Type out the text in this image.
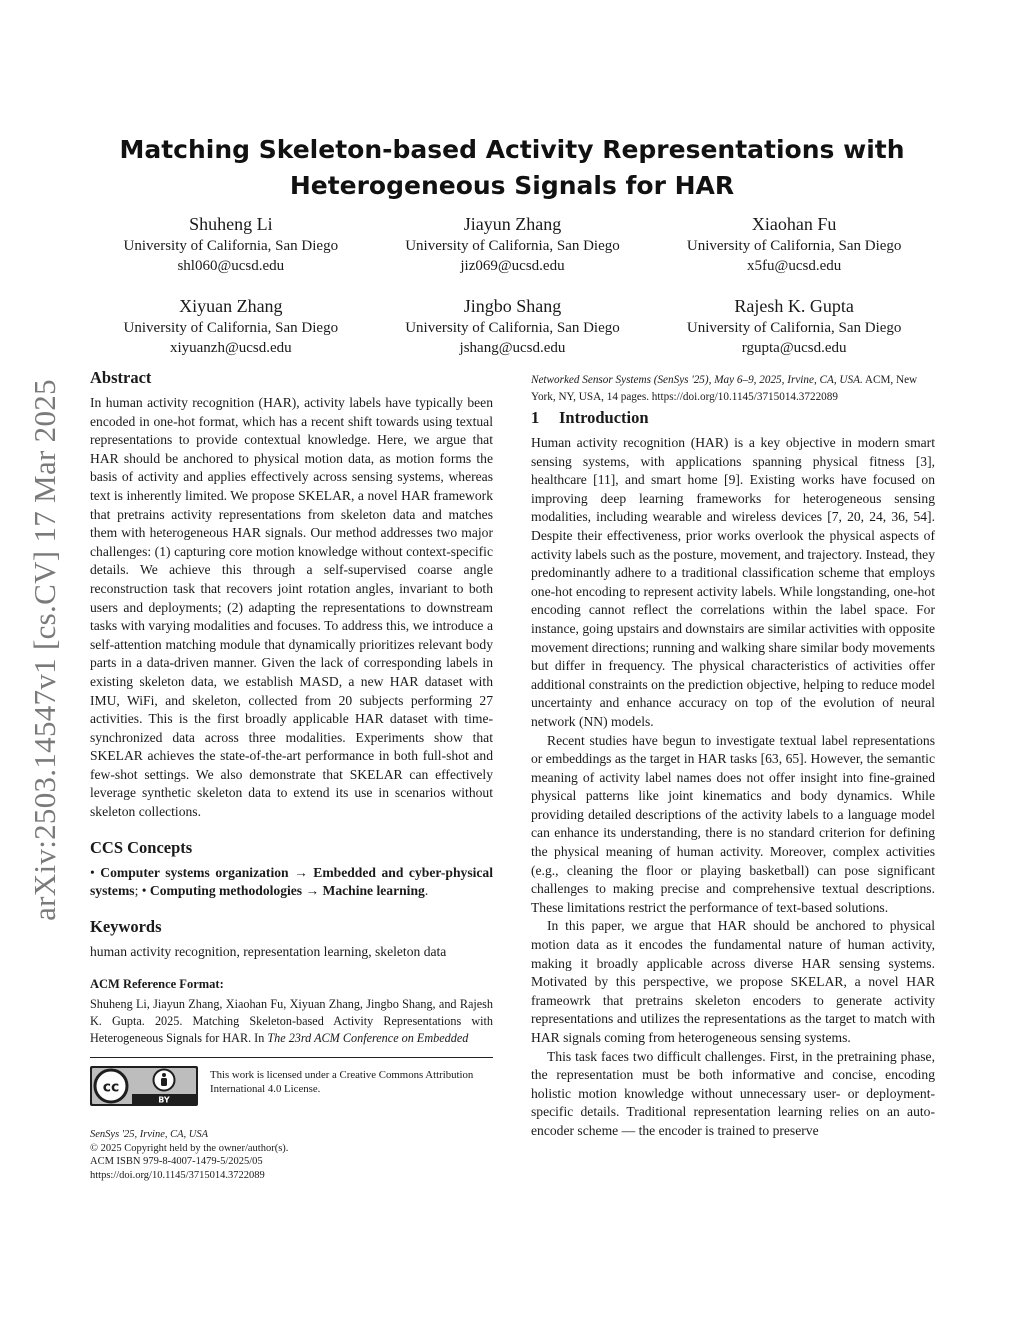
arXiv:2503.14547v1 [cs.CV] 17 Mar 2025
Matching Skeleton-based Activity Representations with
Heterogeneous Signals for HAR
Shuheng Li
University of California, San Diego
shl060@ucsd.edu
Jiayun Zhang
University of California, San Diego
jiz069@ucsd.edu
Xiaohan Fu
University of California, San Diego
x5fu@ucsd.edu
Xiyuan Zhang
University of California, San Diego
xiyuanzh@ucsd.edu
Jingbo Shang
University of California, San Diego
jshang@ucsd.edu
Rajesh K. Gupta
University of California, San Diego
rgupta@ucsd.edu
Abstract

In human activity recognition (HAR), activity labels have typically been encoded in one-hot format, which has a recent shift towards using textual representations to provide contextual knowledge. Here, we argue that HAR should be anchored to physical motion data, as motion forms the basis of activity and applies effectively across sensing systems, whereas text is inherently limited. We propose SKELAR, a novel HAR framework that pretrains activity representations from skeleton data and matches them with heterogeneous HAR signals. Our method addresses two major challenges: (1) capturing core motion knowledge without context-specific details. We achieve this through a self-supervised coarse angle reconstruction task that recovers joint rotation angles, invariant to both users and deployments; (2) adapting the representations to downstream tasks with varying modalities and focuses. To address this, we introduce a self-attention matching module that dynamically prioritizes relevant body parts in a data-driven manner. Given the lack of corresponding labels in existing skeleton data, we establish MASD, a new HAR dataset with IMU, WiFi, and skeleton, collected from 20 subjects performing 27 activities. This is the first broadly applicable HAR dataset with time-synchronized data across three modalities. Experiments show that SKELAR achieves the state-of-the-art performance in both full-shot and few-shot settings. We also demonstrate that SKELAR can effectively leverage synthetic skeleton data to extend its use in scenarios without skeleton collections.

CCS Concepts

• Computer systems organization → Embedded and cyber-physical systems; • Computing methodologies → Machine learning.

Keywords

human activity recognition, representation learning, skeleton data

ACM Reference Format:

Shuheng Li, Jiayun Zhang, Xiaohan Fu, Xiyuan Zhang, Jingbo Shang, and Rajesh K. Gupta. 2025. Matching Skeleton-based Activity Representations with Heterogeneous Signals for HAR. In The 23rd ACM Conference on Embedded

cc
BY
This work is licensed under a Creative Commons Attribution International 4.0 License.
SenSys '25, Irvine, CA, USA
© 2025 Copyright held by the owner/author(s).
ACM ISBN 979-8-4007-1479-5/2025/05
https://doi.org/10.1145/3715014.3722089

Networked Sensor Systems (SenSys '25), May 6–9, 2025, Irvine, CA, USA. ACM, New York, NY, USA, 14 pages. https://doi.org/10.1145/3715014.3722089

1 Introduction

Human activity recognition (HAR) is a key objective in modern smart sensing systems, with applications spanning physical fitness [3], healthcare [11], and smart home [9]. Existing works have focused on improving deep learning frameworks for heterogeneous sensing modalities, including wearable and wireless devices [7, 20, 24, 36, 54]. Despite their effectiveness, prior works overlook the physical aspects of activity labels such as the posture, movement, and trajectory. Instead, they predominantly adhere to a traditional classification scheme that employs one-hot encoding to represent activity labels. While longstanding, one-hot encoding cannot reflect the correlations within the label space. For instance, going upstairs and downstairs are similar activities with opposite movement directions; running and walking share similar body movements but differ in frequency. The physical characteristics of activities offer additional constraints on the prediction objective, helping to reduce model uncertainty and enhance accuracy on top of the evolution of neural network (NN) models.

Recent studies have begun to investigate textual label representations or embeddings as the target in HAR tasks [63, 65]. However, the semantic meaning of activity label names does not offer insight into fine-grained physical patterns like joint kinematics and body dynamics. While providing detailed descriptions of the activity labels to a language model can enhance its understanding, there is no standard criterion for defining the physical meaning of human activity. Moreover, complex activities (e.g., cleaning the floor or playing basketball) can pose significant challenges to making precise and comprehensive textual descriptions. These limitations restrict the performance of text-based solutions.

In this paper, we argue that HAR should be anchored to physical motion data as it encodes the fundamental nature of human activity, making it broadly applicable across diverse HAR sensing systems. Motivated by this perspective, we propose SKELAR, a novel HAR frameowrk that pretrains skeleton encoders to generate activity representations and utilizes the representations as the target to match with HAR signals coming from heterogeneous sensing systems.

This task faces two difficult challenges. First, in the pretraining phase, the representation must be both informative and concise, encoding holistic motion knowledge without unnecessary user- or deployment-specific details. Traditional representation learning relies on an auto-encoder scheme — the encoder is trained to preserve
